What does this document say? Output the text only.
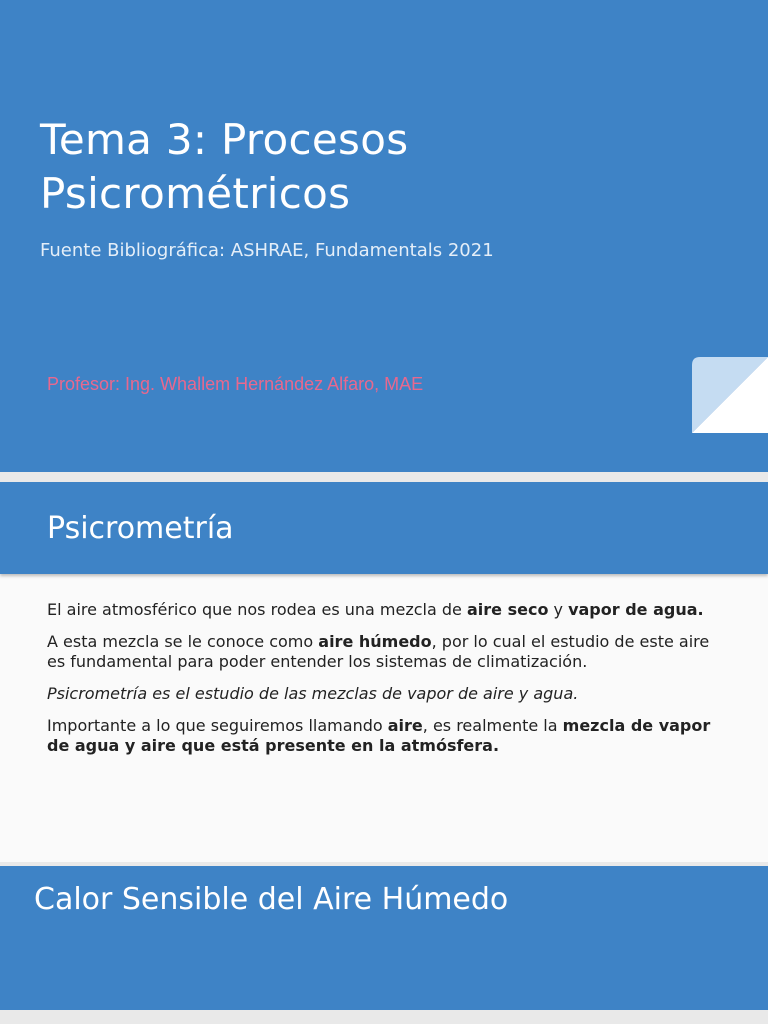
Tema 3: Procesos
Psicrométricos
Fuente Bibliográfica: ASHRAE, Fundamentals 2021
Profesor: Ing. Whallem Hernández Alfaro, MAE
Psicrometría

El aire atmosférico que nos rodea es una mezcla de aire seco y vapor de agua.

A esta mezcla se le conoce como aire húmedo, por lo cual el estudio de este aire es fundamental para poder entender los sistemas de climatización.

Psicrometría es el estudio de las mezclas de vapor de aire y agua.

Importante a lo que seguiremos llamando aire, es realmente la mezcla de vapor de agua y aire que está presente en la atmósfera.

Calor Sensible del Aire Húmedo
